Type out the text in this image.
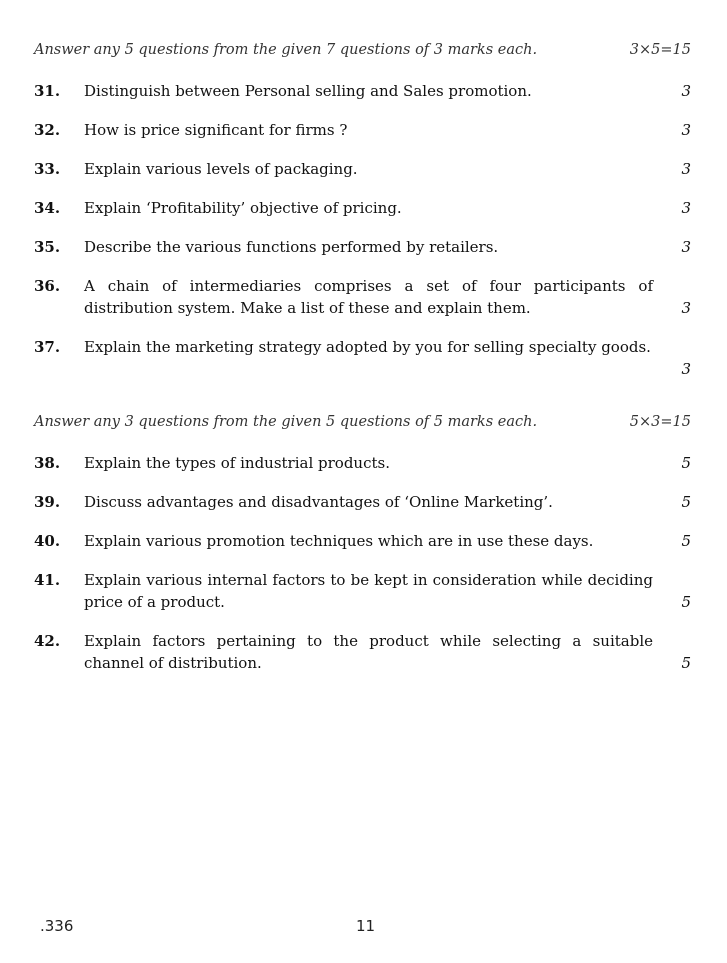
Answer any 5 questions from the given 7 questions of 3 marks each.	3×5=15
31. Distinguish between Personal selling and Sales promotion.	3
32. How is price significant for firms ?	3
33. Explain various levels of packaging.	3
34. Explain ‘Profitability’ objective of pricing.	3
35. Describe the various functions performed by retailers.	3
36. A chain of intermediaries comprises a set of four participants of distribution system. Make a list of these and explain them.	3
37. Explain the marketing strategy adopted by you for selling specialty goods.
3
Answer any 3 questions from the given 5 questions of 5 marks each.	5×3=15
38. Explain the types of industrial products.	5
39. Discuss advantages and disadvantages of ‘Online Marketing’.	5
40. Explain various promotion techniques which are in use these days.	5
41. Explain various internal factors to be kept in consideration while deciding price of a product.	5
42. Explain factors pertaining to the product while selecting a suitable channel of distribution.	5
.336	11
